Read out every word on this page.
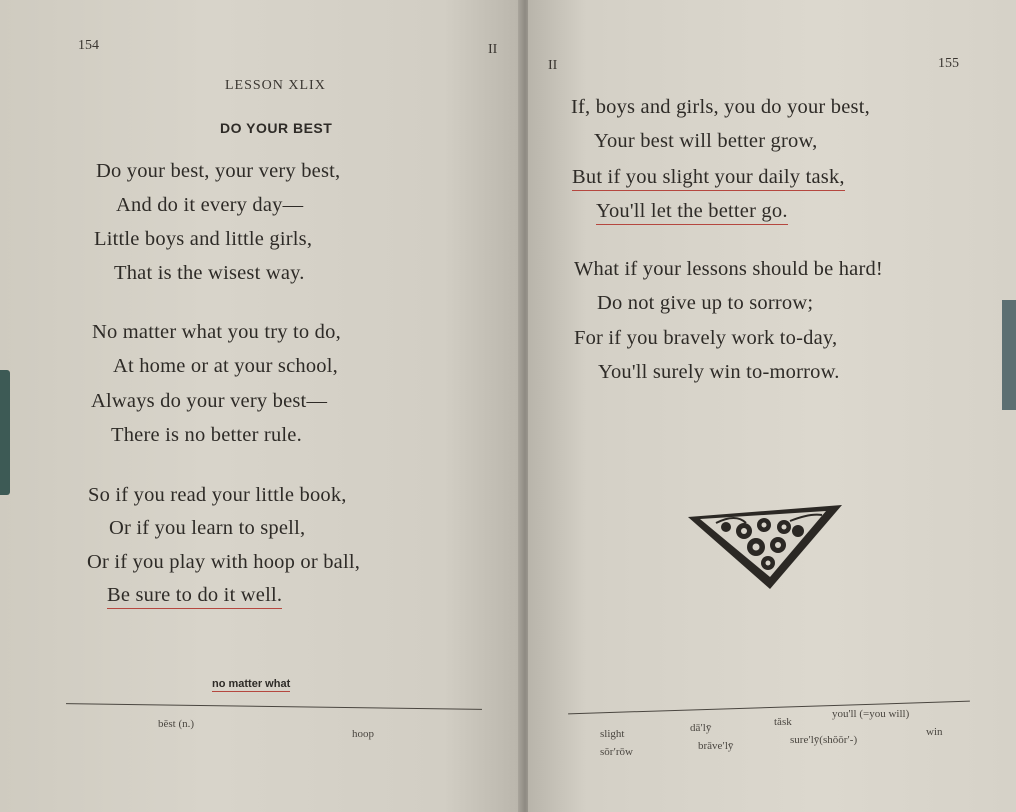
154	II
LESSON XLIX
DO YOUR BEST
Do your best, your very best,
And do it every day—
Little boys and little girls,
That is the wisest way.
No matter what you try to do,
At home or at your school,
Always do your very best—
There is no better rule.
So if you read your little book,
Or if you learn to spell,
Or if you play with hoop or ball,
Be sure to do it well.
no matter what
bĕst (n.)
hoop
II	155
If, boys and girls, you do your best,
Your best will better grow,
But if you slight your daily task,
You'll let the better go.
What if your lessons should be hard!
Do not give up to sorrow;
For if you bravely work to-day,
You'll surely win to-morrow.
slight	dāʹlȳ	tăsk
you'll (=you will)
sŏrʹrōw	brāveʹlȳ	sureʹlȳ(shŏŏrʹ-)
win
